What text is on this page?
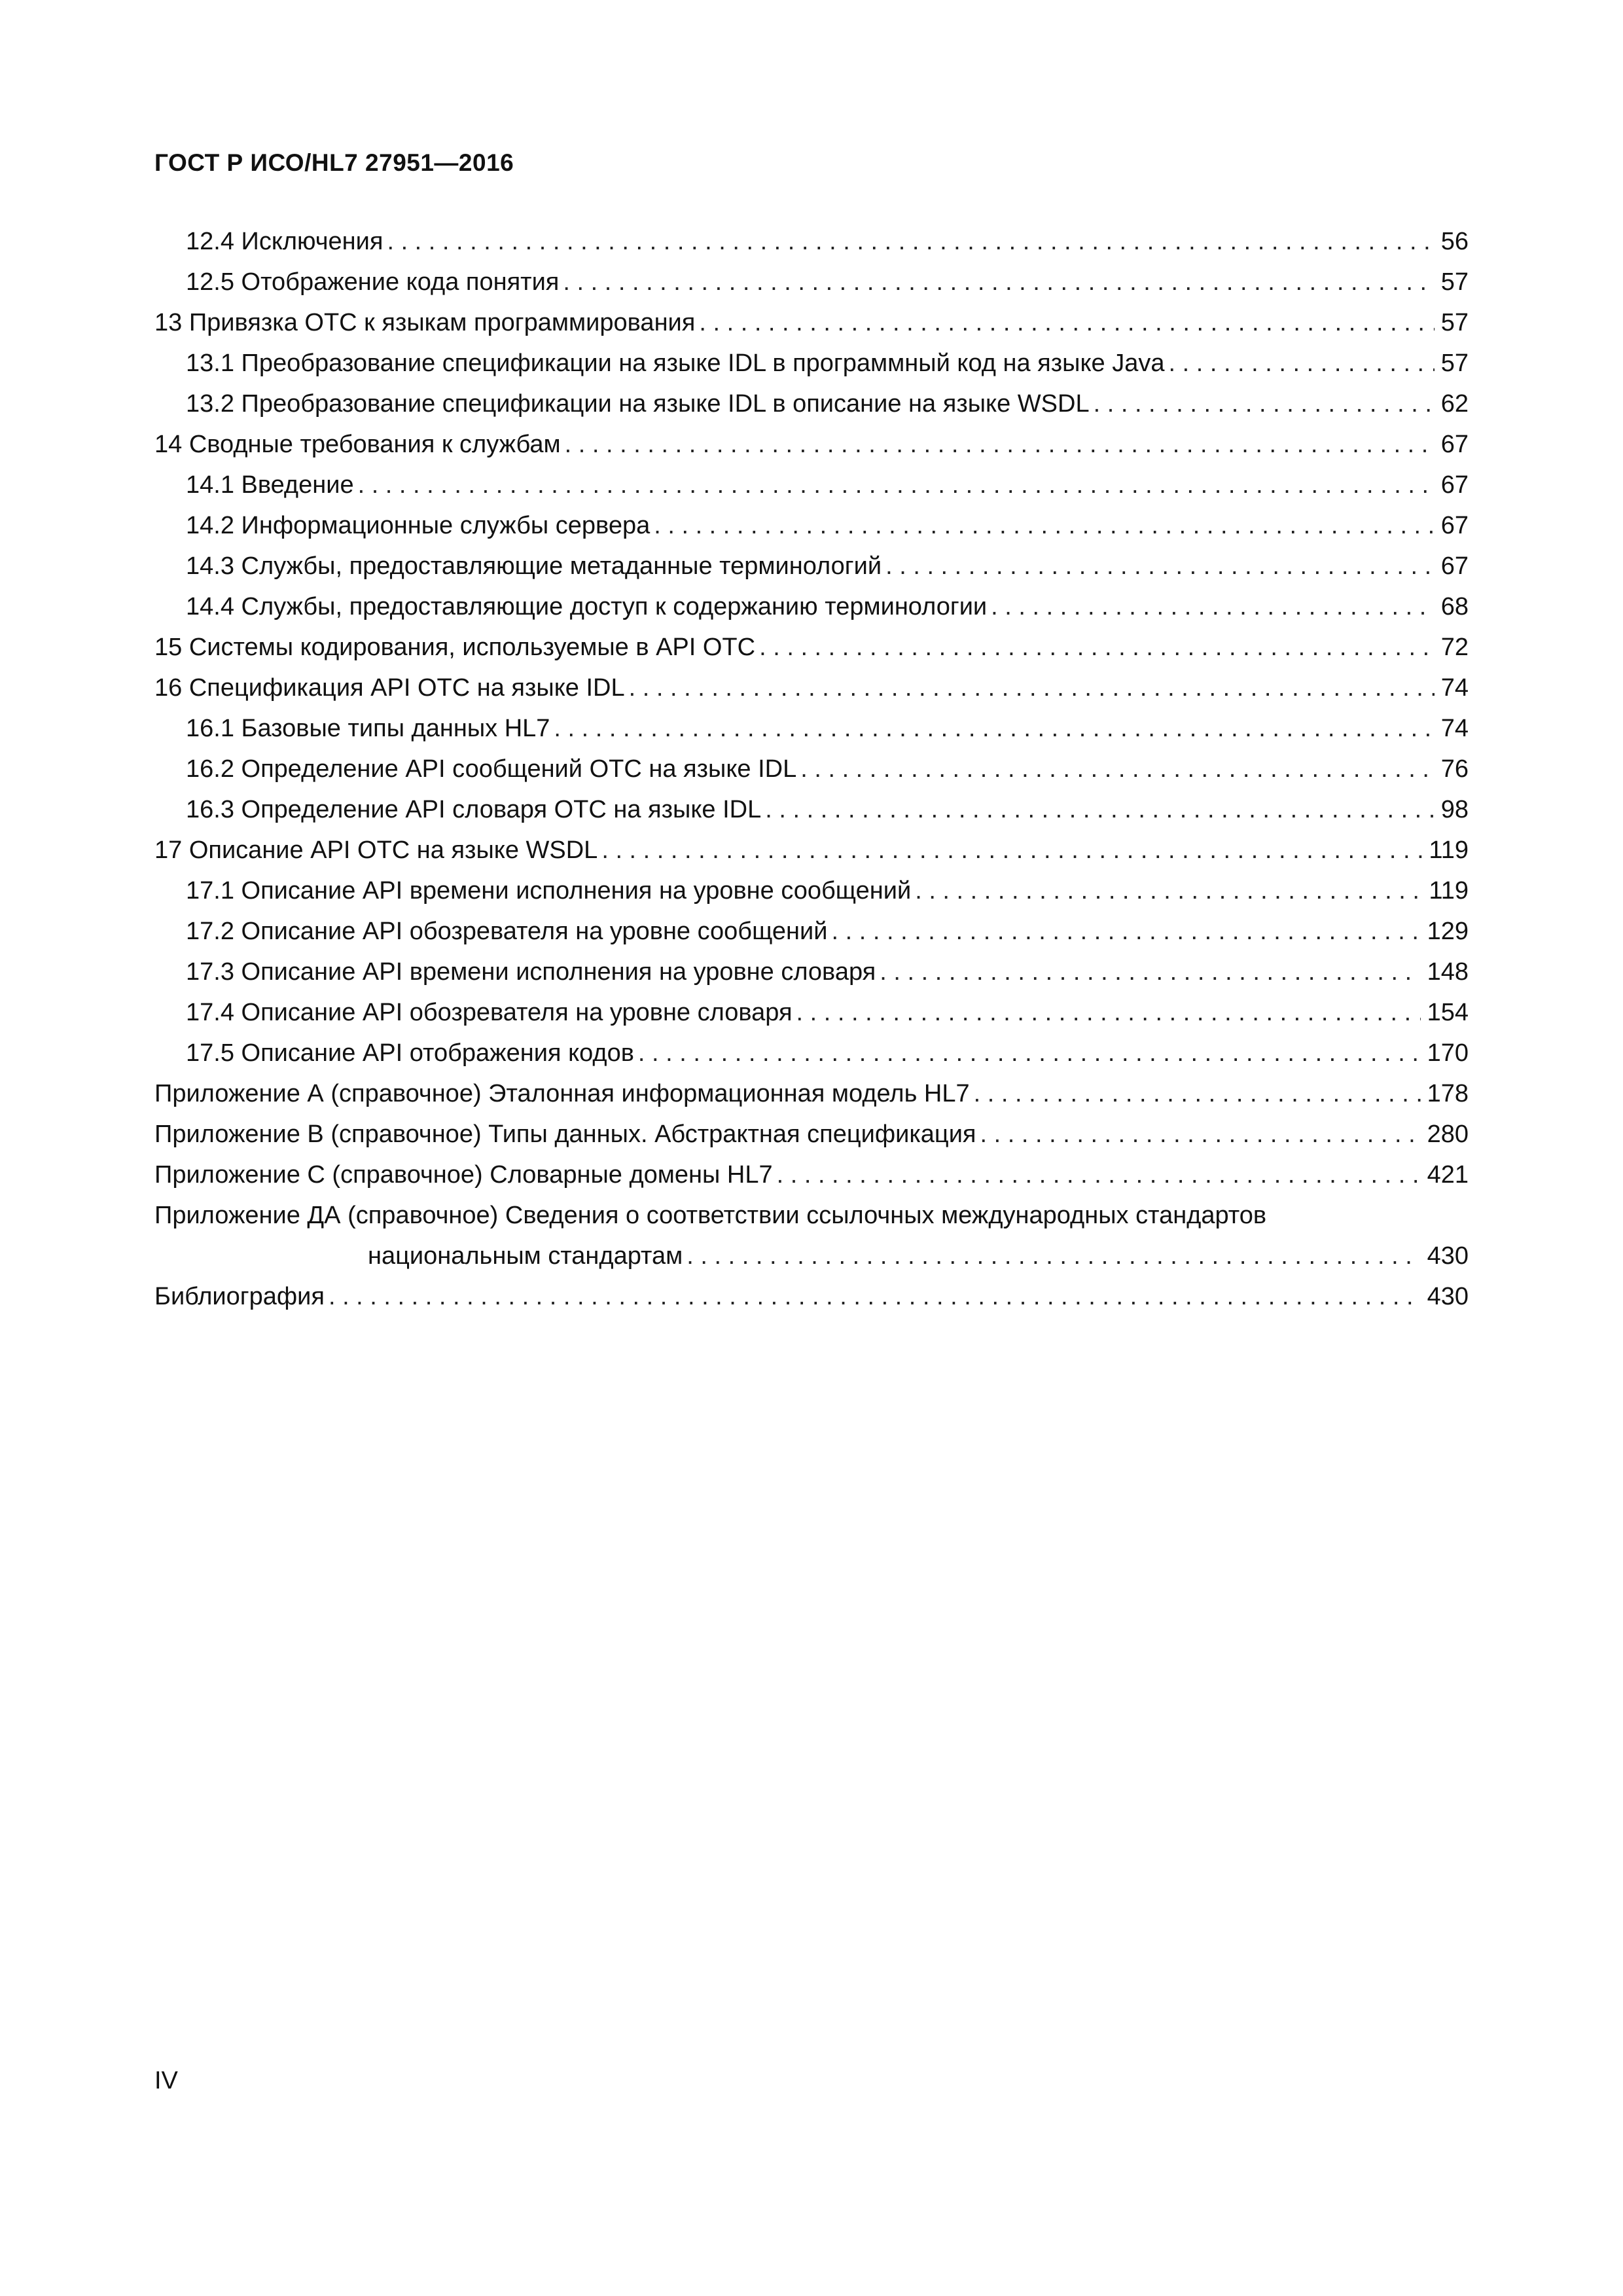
ГОСТ Р ИСО/HL7 27951—2016
12.4 Исключения . . .	56
12.5 Отображение кода понятия . . .	57
13 Привязка ОТС к языкам программирования . . .	57
13.1 Преобразование спецификации на языке IDL в программный код на языке Java . . .	57
13.2 Преобразование спецификации на языке IDL в описание на языке WSDL . . .	62
14 Сводные требования к службам . . .	67
14.1 Введение . . .	67
14.2 Информационные службы сервера . . .	67
14.3 Службы, предоставляющие метаданные терминологий . . .	67
14.4 Службы, предоставляющие доступ к содержанию терминологии . . .	68
15 Системы кодирования, используемые в API ОТС . . .	72
16 Спецификация API ОТС на языке IDL . . .	74
16.1 Базовые типы данных HL7 . . .	74
16.2 Определение API сообщений ОТС на языке IDL . . .	76
16.3 Определение API словаря ОТС на языке IDL . . .	98
17 Описание API ОТС на языке WSDL . . .	119
17.1 Описание API времени исполнения на уровне сообщений . . .	119
17.2 Описание API обозревателя на уровне сообщений . . .	129
17.3 Описание API времени исполнения на уровне словаря . . .	148
17.4 Описание API обозревателя на уровне словаря . . .	154
17.5 Описание API отображения кодов . . .	170
Приложение А (справочное) Эталонная информационная модель HL7 . . .	178
Приложение В (справочное) Типы данных. Абстрактная спецификация . . .	280
Приложение С (справочное) Словарные домены HL7 . . .	421
Приложение ДА (справочное) Сведения о соответствии ссылочных международных стандартов
национальным стандартам . . .	430
Библиография . . .	430
IV
